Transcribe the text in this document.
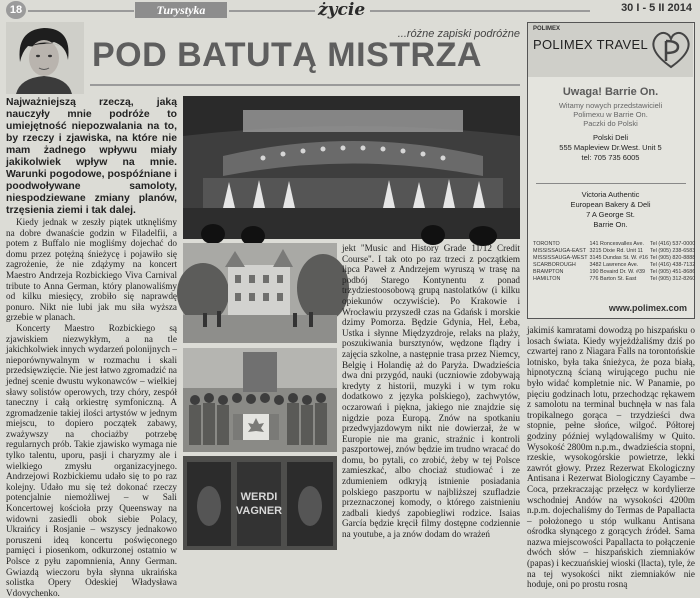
18	Turystyka	życie	30 I - 5 II 2014
...różne zapiski podróżne
POD BATUTĄ MISTRZA

Najważniejszą rzeczą, jaką nauczyły mnie podróże to umiejętność niepozwalania na to, by rzeczy i zjawiska, na które nie mam żadnego wpływu miały jakikolwiek wpływ na mnie. Warunki pogodowe, pospóźniane i poodwoływane samoloty, niespodziewane zmiany planów, trzęsienia ziemi i tak dalej.

Kiedy jednak w zeszły piątek utknęliśmy na dobre dwanaście godzin w Filadelfii, a potem z Buffalo nie mogliśmy dojechać do domu przez potężną śnieżycę i pojawiło się zagrożenie, że nie zdążymy na koncert Maestro Andrzeja Rozbickiego Viva Carnival tribute to Anna German, który planowaliśmy od kilku miesięcy, zrobiło się naprawdę ponuro. Nikt nie lubi jak mu siła wyższa grzebie w planach.

Koncerty Maestro Rozbickiego są zjawiskiem niezwykłym, a na tle jakichkolwiek innych wydarzeń polonijnych – nieporównywalnym w rozmachu i skali przedsięwzięcie. Nie jest łatwo zgromadzić na jednej scenie dwustu wykonawców – wielkiej sławy solistów operowych, trzy chóry, zespół taneczny i całą orkiestrę symfoniczną. A zgromadzenie takiej ilości artystów w jednym miejscu, to dopiero początek zabawy, zważywszy na chociażby potrzebę regularnych prób. Takie zjawisko wymaga nie tylko talentu, uporu, pasji i charyzmy ale i wielkiego zmysłu organizacyjnego. Andrzejowi Rozbickiemu udało się to po raz kolejny. Udało mu się też dokonać rzeczy potencjalnie niemożliwej – w Sali Koncertowej kościoła przy Queensway na widowni zasiedli obok siebie Polacy, Ukraińcy i Rosjanie – wszyscy jednakowo poruszeni ideą koncertu poświęconego pamięci i piosenkom, odkurzonej ostatnio w Polsce z pyłu zapomnienia, Anny German. Gwiazdą wieczoru była słynna ukraińska solistka Opery Odeskiej Władysława Vdovychenko.

WERDI
VAGNER

jekt "Music and History Grade 11/12 Credit Course". I tak oto po raz trzeci z początkiem lipca Paweł z Andrzejem wyruszą w trasę na podbój Starego Kontynentu z ponad trzydziestoosobową grupą nastolatków (i kilku opiekunów oczywiście). Po Krakowie i Wrocławiu przyszedł czas na Gdańsk i morskie dzimy Pomorza. Będzie Gdynia, Hel, Łeba, Ustka i słynne Międzyzdroje, relaks na plaży, poszukiwania bursztynów, wędzone flądry i zajęcia szkolne, a następnie trasa przez Niemcy, Belgię i Holandię aż do Paryża. Dwadzieścia dwa dni przygód, nauki (uczniowie zdobywają kredyty z historii, muzyki i w tym roku dodatkowo z języka polskiego), zachwytów, oczarowań i piękna, jakiego nie znajdzie się nigdzie poza Europą. Znów na spotkaniu przedwyjazdowym nikt nie dowierzał, że w Europie nie ma granic, straźnic i kontroli paszportowej, znów będzie im trudno wracać do domu, bo pytali, co zrobić, żeby w tej Polsce zamieszkać, albo chociaż studiować i ze zdumieniem odkryją istnienie posiadania polskiego paszportu w najbliższej szufladzie przeznaczonej komody, o którego zaistnieniu zadbali kiedyś zapobiegliwi rodzice. Isaias García będzie kręcił filmy dostępne codziennie na youtube, a ja znów dodam do wrażeń

POLIMEX
POLIMEX TRAVEL
Uwaga! Barrie On.
Witamy nowych przedstawicieli
Polimexu w Barrie On.
Paczki do Polski
Polski Deli
555 Mapleview Dr.West. Unit 5
tel: 705 735 6005
Victoria Authentic
European Bakery & Deli
7 A George St.
Barrie On.
TORONTO	141 Roncesvalles Ave.	Tel (416) 537-0000
MISSISSAUGA-EAST	3215 Dixie Rd. Unit 11	Tel (905) 238-6583
MISSISSAUGA-WEST	3145 Dundas St. W. #16	Tel (905) 820-8888
SCARBOROUGH	3482 Lawrence Ave.	Tel (416) 438-7132
BRAMPTON	190 Bovaird Dr. W. #39	Tel (905) 451-8686
HAMILTON	776 Barton St. East	Tel (905) 312-8260
www.polimex.com

jakimiś kamratami dowodzą po hiszpańsku o losach świata. Kiedy wyjeżdżaliśmy dziś po czwartej rano z Niagara Falls na torontońskie lotnisko, była taka śnieżyca, że poza białą, hipnotyczną ścianą wirującego puchu nie było widać kompletnie nic. W Panamie, po pięciu godzinach lotu, przechodząc rękawem z samolotu na terminal buchnęła w nas fala tropikalnego gorąca – trzydzieści dwa stopnie, pełne słońce, wilgoć. Półtorej godziny później wylądowaliśmy w Quito. Wysokość 2800m n.p.m., dwadzieścia stopni, rzeskie, wysokogórskie powietrze, lekki zawrót głowy. Przez Rezerwat Ekologiczny Antisana i Rezerwat Biologiczny Cayambe – Coca, przekraczając przełęcz w kordylierze wschodniej Andów na wysokości 4200m n.p.m. dojechaliśmy do Termas de Papallacta – położonego u stóp wulkanu Antisana ośrodka słynącego z gorących źródeł. Sama nazwa miejscowości Papallacta to połączenie dwóch słów – hiszpańskich ziemniaków (papas) i keczuańskiej wioski (llacta), tyle, że na tej wysokości nikt ziemniaków nie hoduje, oni po prostu rosną
